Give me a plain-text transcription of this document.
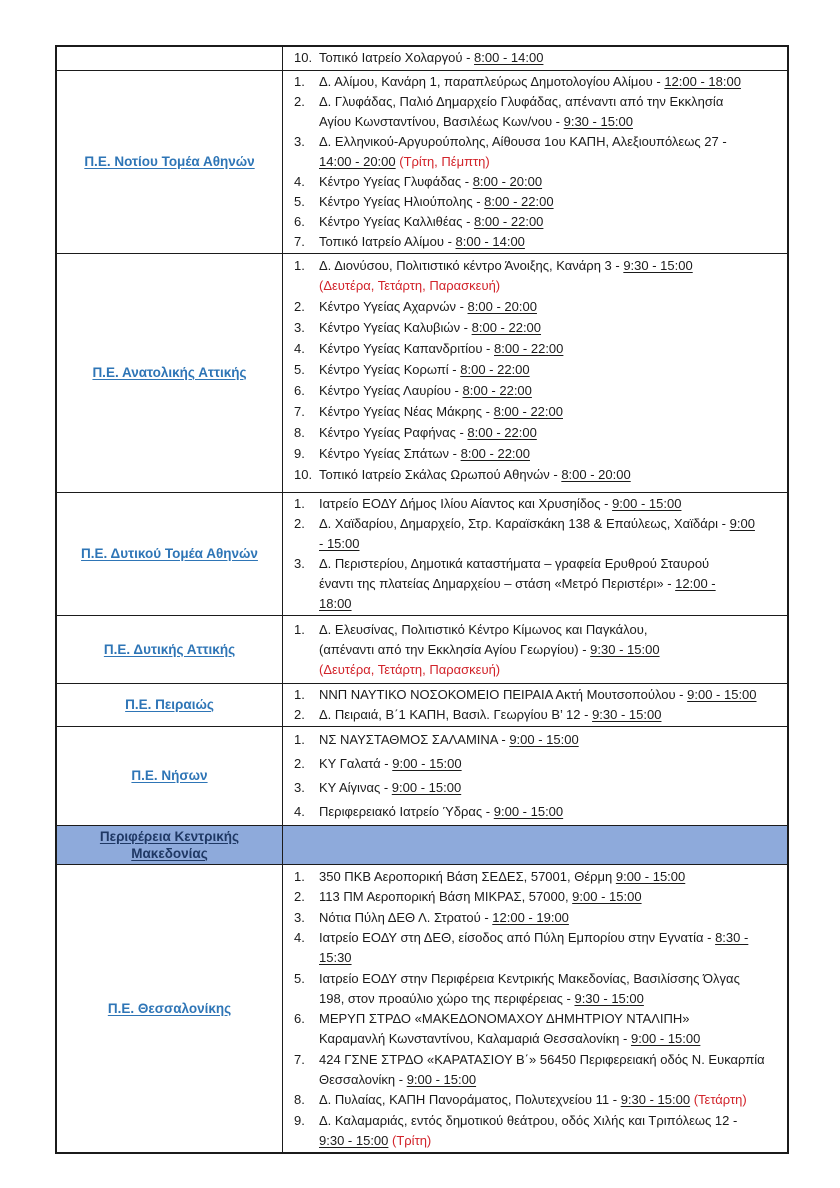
10. Τοπικό Ιατρείο Χολαργού - 8:00 - 14:00
Π.Ε. Νοτίου Τομέα Αθηνών
1.	Δ. Αλίμου, Κανάρη 1, παραπλεύρως Δημοτολογίου Αλίμου - 12:00 - 18:00
2.	Δ. Γλυφάδας, Παλιό Δημαρχείο Γλυφάδας, απέναντι από την Εκκλησία
Αγίου Κωνσταντίνου, Βασιλέως Κων/νου - 9:30 - 15:00
3.	Δ. Ελληνικού-Αργυρούπολης, Αίθουσα 1ου ΚΑΠΗ, Αλεξιουπόλεως 27 -
14:00 - 20:00 (Τρίτη, Πέμπτη)
4.	Κέντρο Υγείας Γλυφάδας - 8:00 - 20:00
5.	Κέντρο Υγείας Ηλιούπολης - 8:00 - 22:00
6.	Κέντρο Υγείας Καλλιθέας - 8:00 - 22:00
7.	Τοπικό Ιατρείο Αλίμου - 8:00 - 14:00
Π.Ε. Ανατολικής Αττικής
1.	Δ. Διονύσου, Πολιτιστικό κέντρο Άνοιξης, Κανάρη 3 - 9:30 - 15:00
(Δευτέρα, Τετάρτη, Παρασκευή)
2.	Κέντρο Υγείας Αχαρνών - 8:00 - 20:00
3.	Κέντρο Υγείας Καλυβιών - 8:00 - 22:00
4.	Κέντρο Υγείας Καπανδριτίου - 8:00 - 22:00
5.	Κέντρο Υγείας Κορωπί - 8:00 - 22:00
6.	Κέντρο Υγείας Λαυρίου - 8:00 - 22:00
7.	Κέντρο Υγείας Νέας Μάκρης - 8:00 - 22:00
8.	Κέντρο Υγείας Ραφήνας - 8:00 - 22:00
9.	Κέντρο Υγείας Σπάτων - 8:00 - 22:00
10. Τοπικό Ιατρείο Σκάλας Ωρωπού Αθηνών - 8:00 - 20:00
Π.Ε. Δυτικού Τομέα Αθηνών
1.	Ιατρείο ΕΟΔΥ Δήμος Ιλίου Αίαντος και Χρυσηίδος - 9:00 - 15:00
2.	Δ. Χαϊδαρίου, Δημαρχείο, Στρ. Καραϊσκάκη 138 & Επαύλεως, Χαϊδάρι - 9:00
- 15:00
3.	Δ. Περιστερίου, Δημοτικά καταστήματα – γραφεία Ερυθρού Σταυρού
έναντι της πλατείας Δημαρχείου – στάση «Μετρό Περιστέρι» - 12:00 -
18:00
Π.Ε. Δυτικής Αττικής
1.	Δ. Ελευσίνας, Πολιτιστικό Κέντρο Κίμωνος και Παγκάλου,
(απέναντι από την Εκκλησία Αγίου Γεωργίου) - 9:30 - 15:00
(Δευτέρα, Τετάρτη, Παρασκευή)
Π.Ε. Πειραιώς
1.	ΝΝΠ ΝΑΥΤΙΚΟ ΝΟΣΟΚΟΜΕΙΟ ΠΕΙΡΑΙΑ Ακτή Μουτσοπούλου - 9:00 - 15:00
2.	Δ. Πειραιά, Β΄1 ΚΑΠΗ, Βασιλ. Γεωργίου Β’ 12 - 9:30 - 15:00
Π.Ε. Νήσων
1.	ΝΣ ΝΑΥΣΤΑΘΜΟΣ ΣΑΛΑΜΙΝΑ - 9:00 - 15:00
2.	ΚΥ Γαλατά - 9:00 - 15:00
3.	ΚΥ Αίγινας - 9:00 - 15:00
4.	Περιφερειακό Ιατρείο Ύδρας - 9:00 - 15:00
Περιφέρεια Κεντρικής Μακεδονίας
Π.Ε. Θεσσαλονίκης
1.	350 ΠΚΒ Αεροπορική Βάση ΣΕΔΕΣ, 57001, Θέρμη 9:00 - 15:00
2.	113 ΠΜ Αεροπορική Βάση ΜΙΚΡΑΣ, 57000, 9:00 - 15:00
3.	Νότια Πύλη ΔΕΘ Λ. Στρατού - 12:00 - 19:00
4.	Ιατρείο ΕΟΔΥ στη ΔΕΘ, είσοδος από Πύλη Εμπορίου στην Εγνατία - 8:30 -
15:30
5.	Ιατρείο ΕΟΔΥ στην Περιφέρεια Κεντρικής Μακεδονίας, Βασιλίσσης Όλγας
198, στον προαύλιο χώρο της περιφέρειας - 9:30 - 15:00
6.	ΜΕΡΥΠ ΣΤΡΔΟ «ΜΑΚΕΔΟΝΟΜΑΧΟΥ ΔΗΜΗΤΡΙΟΥ ΝΤΑΛΙΠΗ»
Καραμανλή Κωνσταντίνου, Καλαμαριά Θεσσαλονίκη - 9:00 - 15:00
7.	424 ΓΣΝΕ ΣΤΡΔΟ «ΚΑΡΑΤΑΣΙΟΥ Β΄» 56450 Περιφερειακή οδός Ν. Ευκαρπία
Θεσσαλονίκη - 9:00 - 15:00
8.	Δ. Πυλαίας, ΚΑΠΗ Πανοράματος, Πολυτεχνείου 11 - 9:30 - 15:00 (Τετάρτη)
9.	Δ. Καλαμαριάς, εντός δημοτικού θεάτρου, οδός Χιλής και Τριπόλεως 12 -
9:30 - 15:00 (Τρίτη)
